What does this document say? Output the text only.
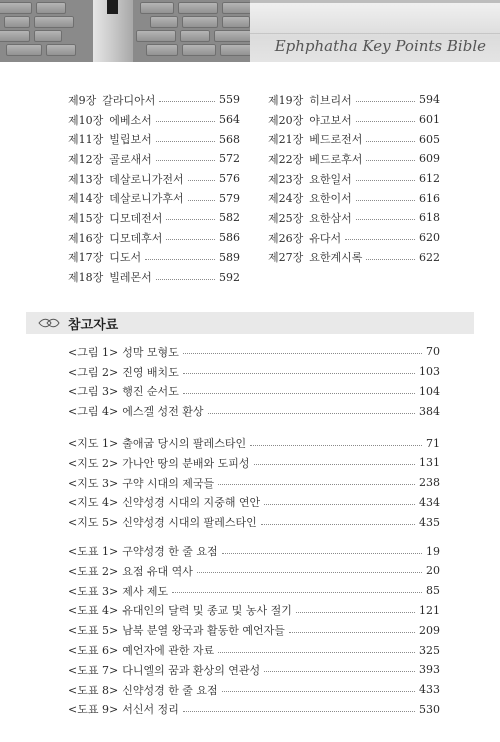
Ephphatha Key Points Bible
제9장 갈라디아서	559
제10장 에베소서	564
제11장 빌립보서	568
제12장 골로새서	572
제13장 데살로니가전서	576
제14장 데살로니가후서	579
제15장 디모데전서	582
제16장 디모데후서	586
제17장 디도서	589
제18장 빌레몬서	592
제19장 히브리서	594
제20장 야고보서	601
제21장 베드로전서	605
제22장 베드로후서	609
제23장 요한일서	612
제24장 요한이서	616
제25장 요한삼서	618
제26장 유다서	620
제27장 요한계시록	622
참고자료
<그림 1> 성막 모형도	70
<그림 2> 진영 배치도	103
<그림 3> 행진 순서도	104
<그림 4> 에스겔 성전 환상	384
<지도 1> 출애굽 당시의 팔레스타인	71
<지도 2> 가나안 땅의 분배와 도피성	131
<지도 3> 구약 시대의 제국들	238
<지도 4> 신약성경 시대의 지중해 연안	434
<지도 5> 신약성경 시대의 팔레스타인	435
<도표 1> 구약성경 한 줄 요점	19
<도표 2> 요점 유대 역사	20
<도표 3> 제사 제도	85
<도표 4> 유대인의 달력 및 종교 및 농사 절기	121
<도표 5> 남북 분열 왕국과 활동한 예언자들	209
<도표 6> 예언자에 관한 자료	325
<도표 7> 다니엘의 꿈과 환상의 연관성	393
<도표 8> 신약성경 한 줄 요점	433
<도표 9> 서신서 정리	530
